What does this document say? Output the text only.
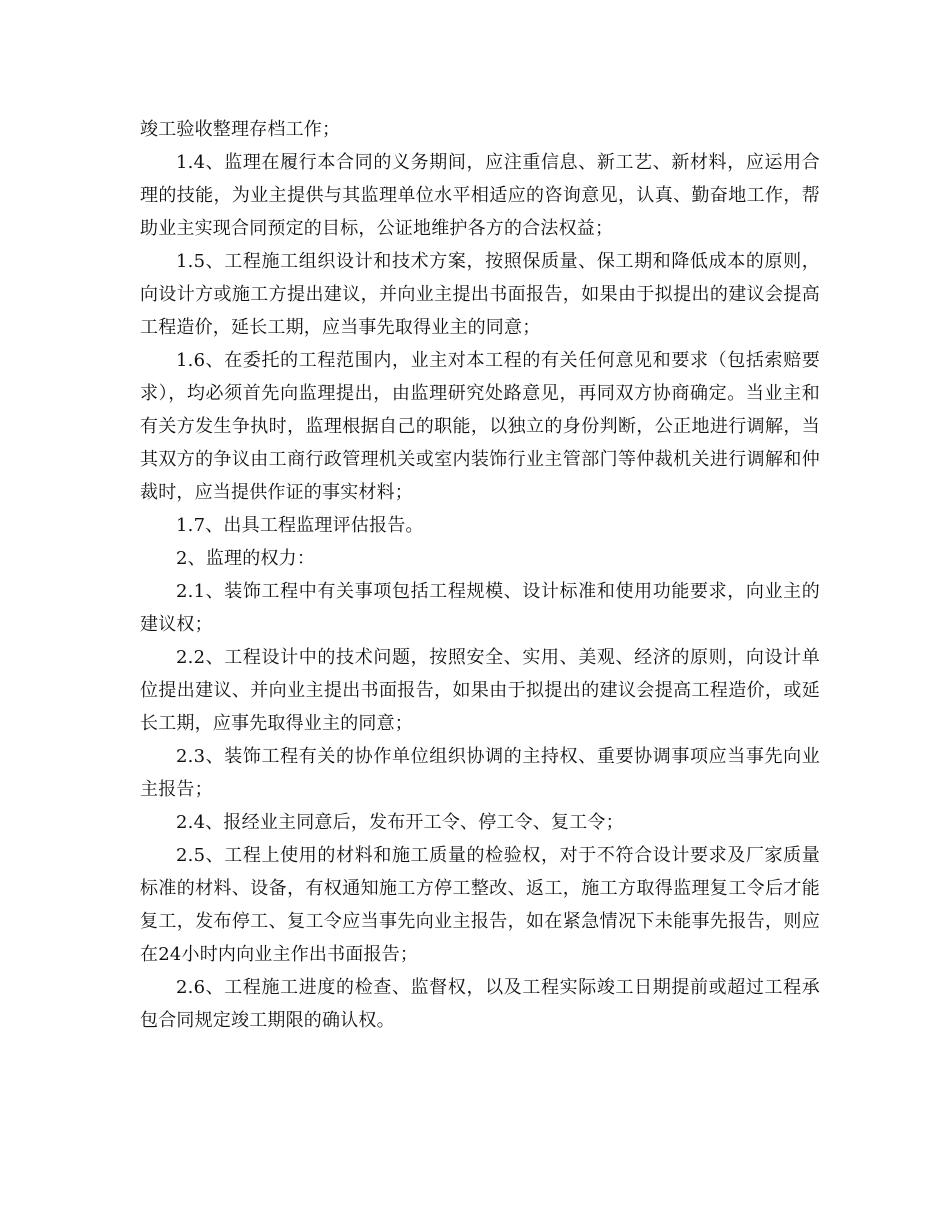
竣工验收整理存档工作；

1.4、监理在履行本合同的义务期间，应注重信息、新工艺、新材料，应运用合理的技能，为业主提供与其监理单位水平相适应的咨询意见，认真、勤奋地工作，帮助业主实现合同预定的目标，公证地维护各方的合法权益；

1.5、工程施工组织设计和技术方案，按照保质量、保工期和降低成本的原则，向设计方或施工方提出建议，并向业主提出书面报告，如果由于拟提出的建议会提高工程造价，延长工期，应当事先取得业主的同意；

1.6、在委托的工程范围内，业主对本工程的有关任何意见和要求（包括索赔要求），均必须首先向监理提出，由监理研究处路意见，再同双方协商确定。当业主和有关方发生争执时，监理根据自己的职能，以独立的身份判断，公正地进行调解，当其双方的争议由工商行政管理机关或室内装饰行业主管部门等仲裁机关进行调解和仲裁时，应当提供作证的事实材料；

1.7、出具工程监理评估报告。

2、监理的权力：

2.1、装饰工程中有关事项包括工程规模、设计标准和使用功能要求，向业主的建议权；

2.2、工程设计中的技术问题，按照安全、实用、美观、经济的原则，向设计单位提出建议、并向业主提出书面报告，如果由于拟提出的建议会提高工程造价，或延长工期，应事先取得业主的同意；

2.3、装饰工程有关的协作单位组织协调的主持权、重要协调事项应当事先向业主报告；

2.4、报经业主同意后，发布开工令、停工令、复工令；

2.5、工程上使用的材料和施工质量的检验权，对于不符合设计要求及厂家质量标准的材料、设备，有权通知施工方停工整改、返工，施工方取得监理复工令后才能复工，发布停工、复工令应当事先向业主报告，如在紧急情况下未能事先报告，则应在24小时内向业主作出书面报告；

2.6、工程施工进度的检查、监督权，以及工程实际竣工日期提前或超过工程承包合同规定竣工期限的确认权。
